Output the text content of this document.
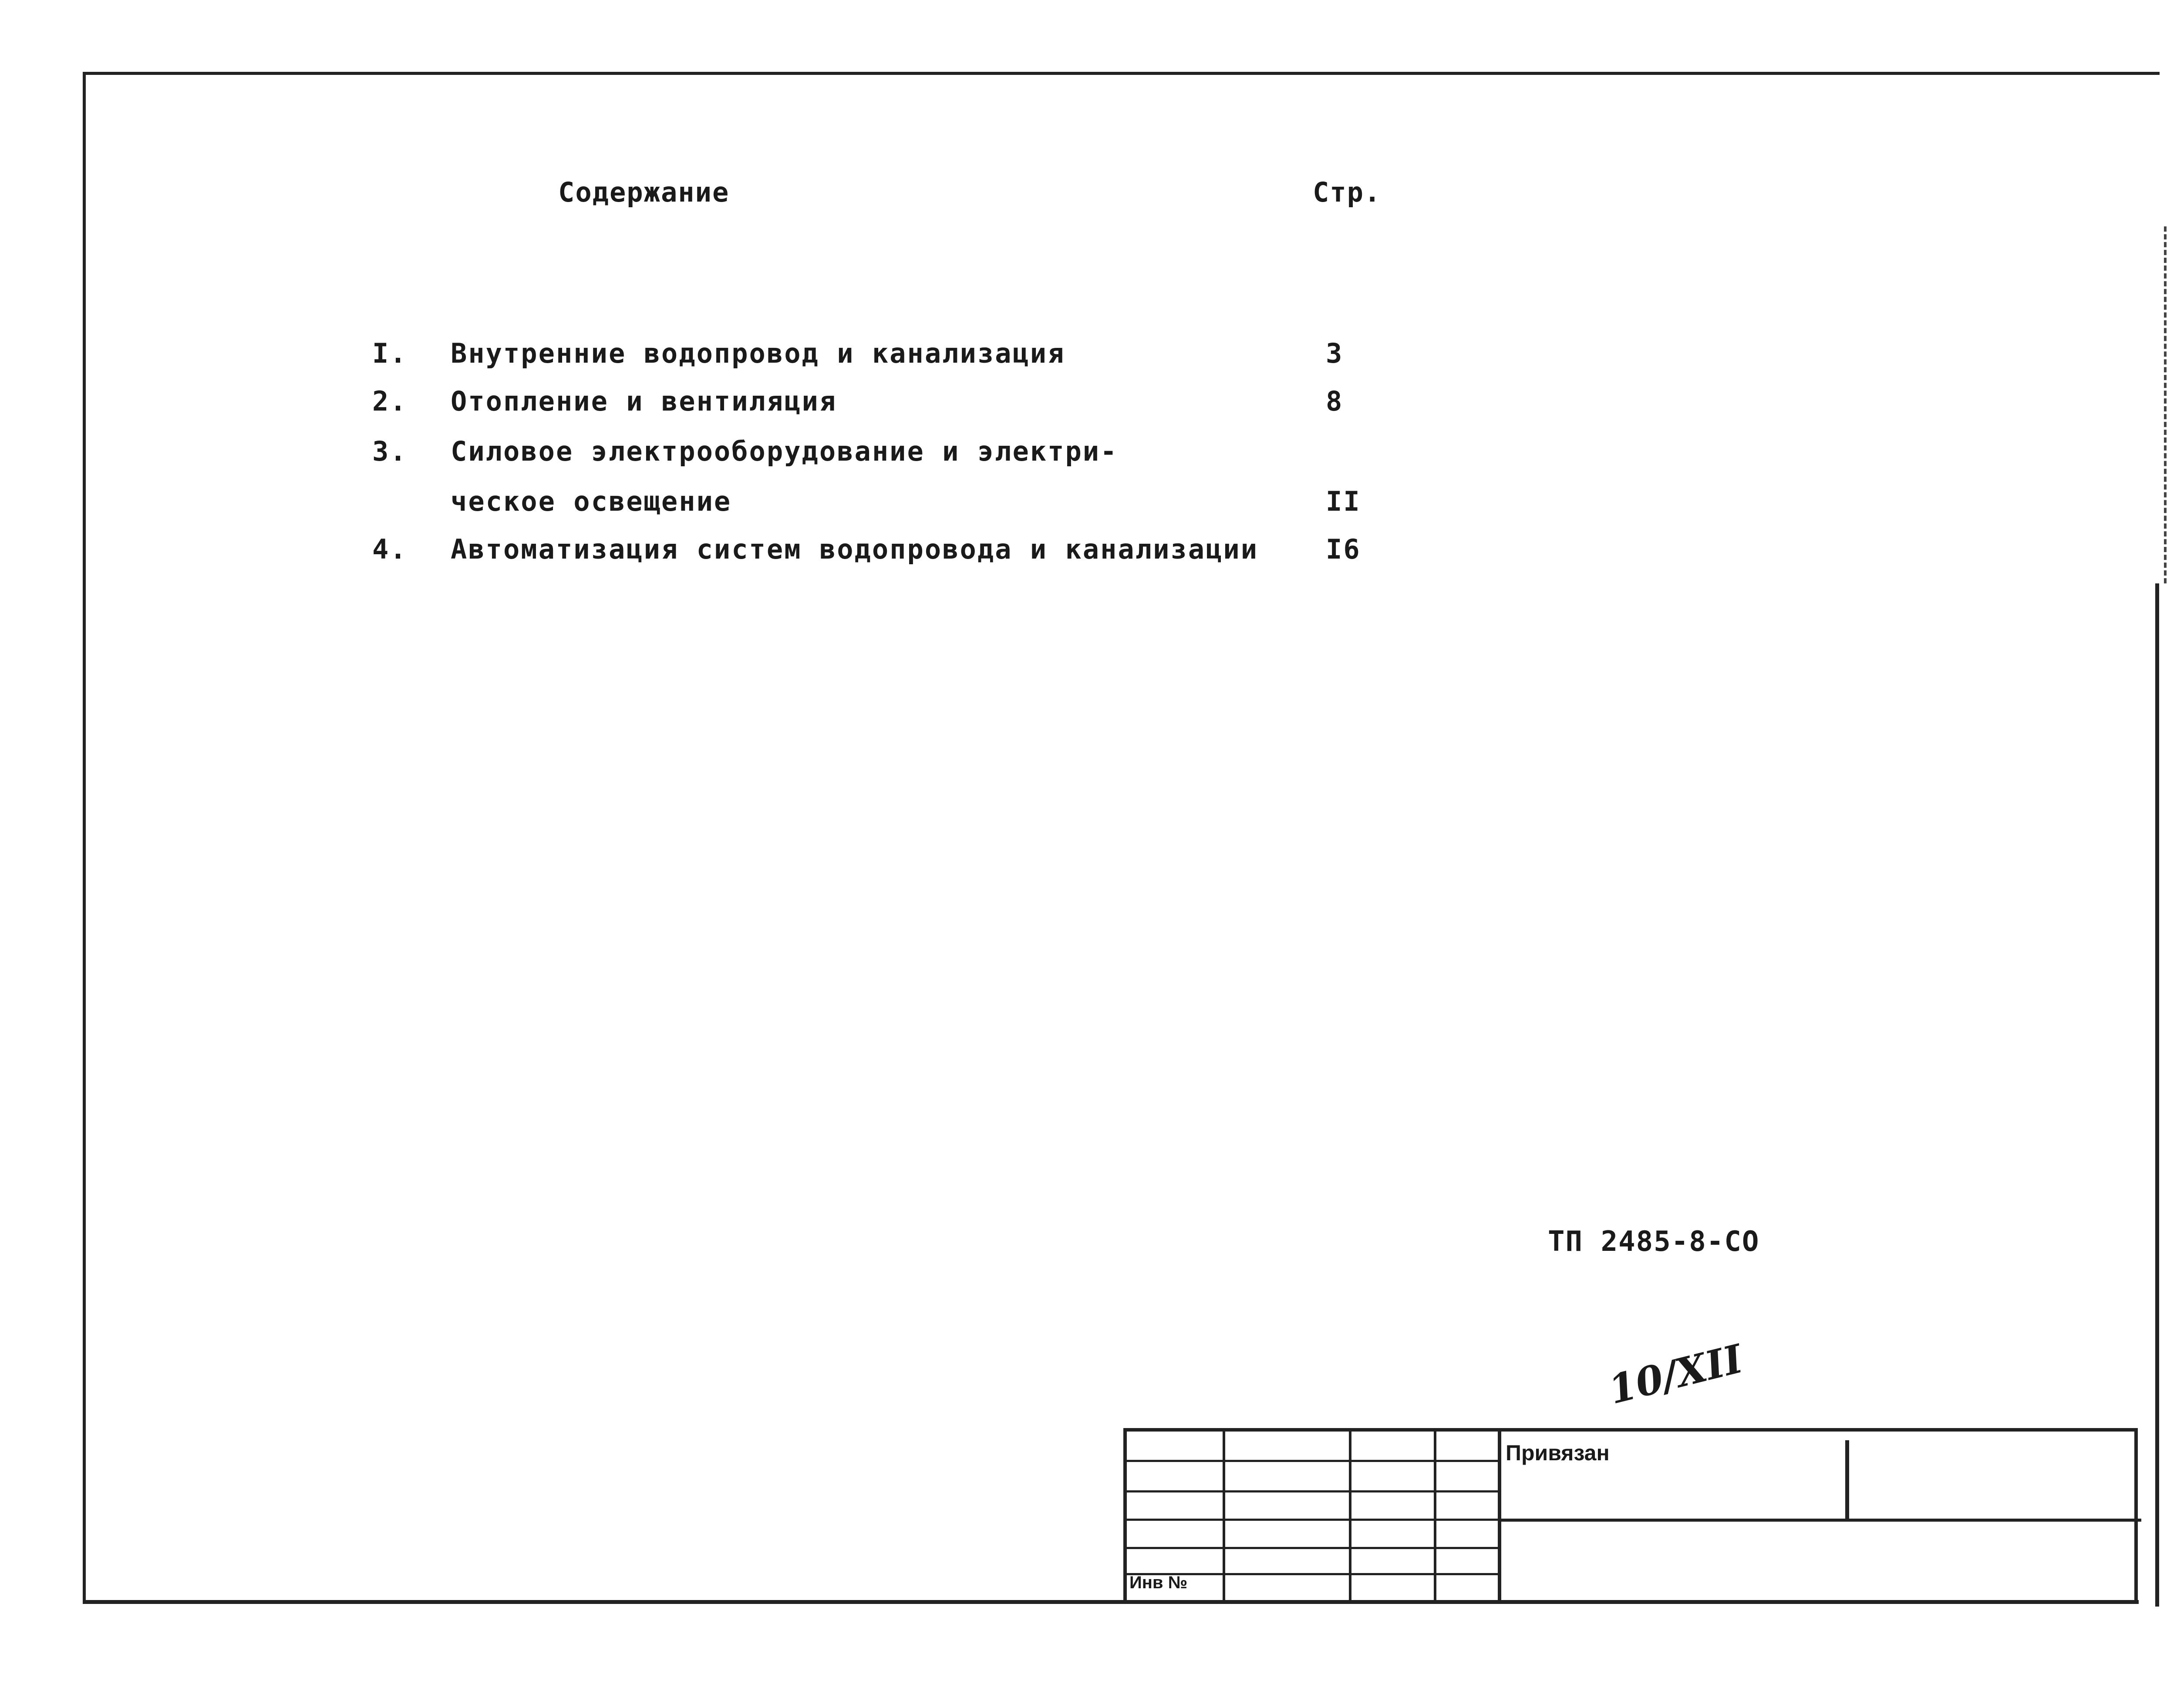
Содержание	Стр.
I. Внутренние водопровод и канализация	3
2. Отопление и вентиляция	8
3. Силовое электрооборудование и электри-
ческое освещение	II
4. Автоматизация систем водопровода и канализации I6
ТП 2485-8-СО
10/XII
Инв №
Привязан
